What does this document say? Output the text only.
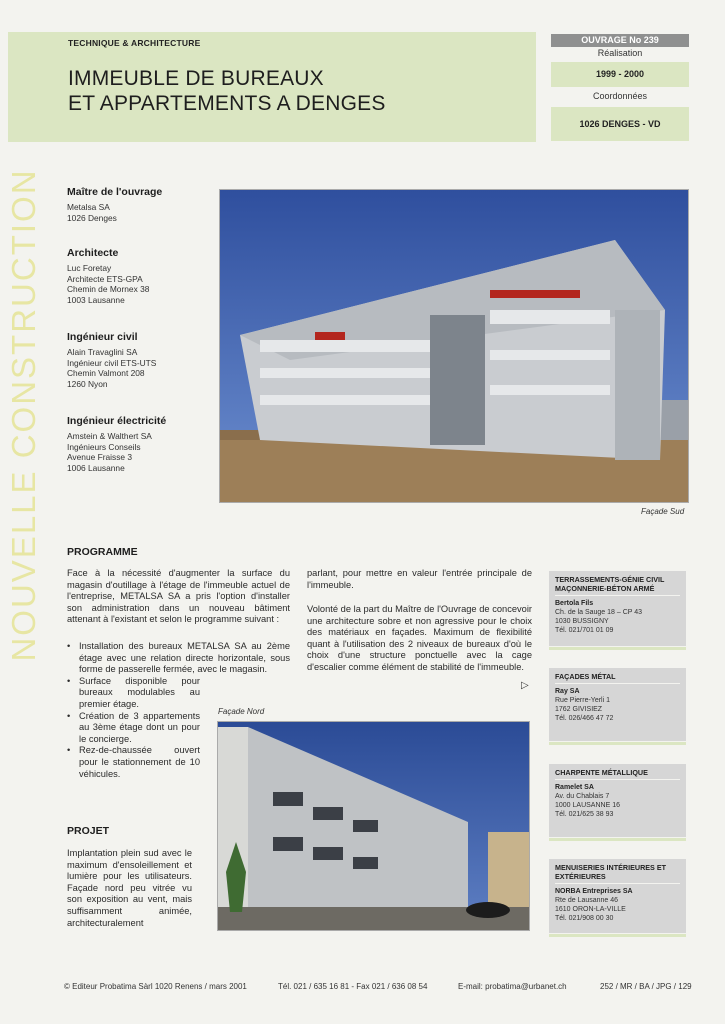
TECHNIQUE & ARCHITECTURE
IMMEUBLE DE BUREAUX
ET APPARTEMENTS A DENGES
OUVRAGE No 239
Réalisation
1999 - 2000
Coordonnées
1026 DENGES - VD
NOUVELLE CONSTRUCTION Maître de l'ouvrage
Metalsa SA
1026 Denges
Architecte
Luc Foretay
Architecte ETS-GPA
Chemin de Mornex 38
1003 Lausanne
Ingénieur civil
Alain Travaglini SA
Ingénieur civil ETS-UTS
Chemin Valmont 208
1260 Nyon
Ingénieur électricité
Amstein & Walthert SA
Ingénieurs Conseils
Avenue Fraisse 3
1006 Lausanne
Façade Sud
PROGRAMME
Face à la nécessité d'augmenter la surface du magasin d'outillage à l'étage de l'immeuble actuel de l'entreprise, METALSA SA a pris l'option d'installer son administration dans un nouveau bâtiment attenant à l'existant et selon le programme suivant :
• Installation des bureaux METALSA SA au 2ème étage avec une relation directe horizontale, sous forme de passerelle fermée, avec le magasin.
• Surface disponible pour bureaux modulables au premier étage.
• Création de 3 appartements au 3ème étage dont un pour le concierge.
• Rez-de-chaussée ouvert pour le stationnement de 10 véhicules.
parlant, pour mettre en valeur l'entrée principale de l'immeuble.
Volonté de la part du Maître de l'Ouvrage de concevoir une architecture sobre et non agressive pour le choix des matériaux en façades. Maximum de flexibilité quant à l'utilisation des 2 niveaux de bureaux d'où le choix d'une structure ponctuelle avec la cage d'escalier comme élément de stabilité de l'immeuble.
▷
PROJET
Implantation plein sud avec le maximum d'ensoleillement et lumière pour les utilisateurs. Façade nord peu vitrée vu son exposition au vent, mais suffisamment animée, architecturalement
Façade Nord
TERRASSEMENTS-GÉNIE CIVIL MAÇONNERIE-BÉTON ARMÉ
Bertola Fils
Ch. de la Sauge 18 – CP 43
1030 BUSSIGNY
Tél. 021/701 01 09
FAÇADES MÉTAL
Ray SA
Rue Pierre-Yerli 1
1762 GIVISIEZ
Tél. 026/466 47 72
CHARPENTE MÉTALLIQUE
Ramelet SA
Av. du Chablais 7
1000 LAUSANNE 16
Tél. 021/625 38 93
MENUISERIES INTÉRIEURES ET EXTÉRIEURES
NORBA Entreprises SA
Rte de Lausanne 46
1610 ORON-LA-VILLE
Tél. 021/908 00 30
© Editeur Probatima Sàrl 1020 Renens / mars 2001	Tél. 021 / 635 16 81 - Fax 021 / 636 08 54	E-mail: probatima@urbanet.ch	252 / MR / BA / JPG / 129
